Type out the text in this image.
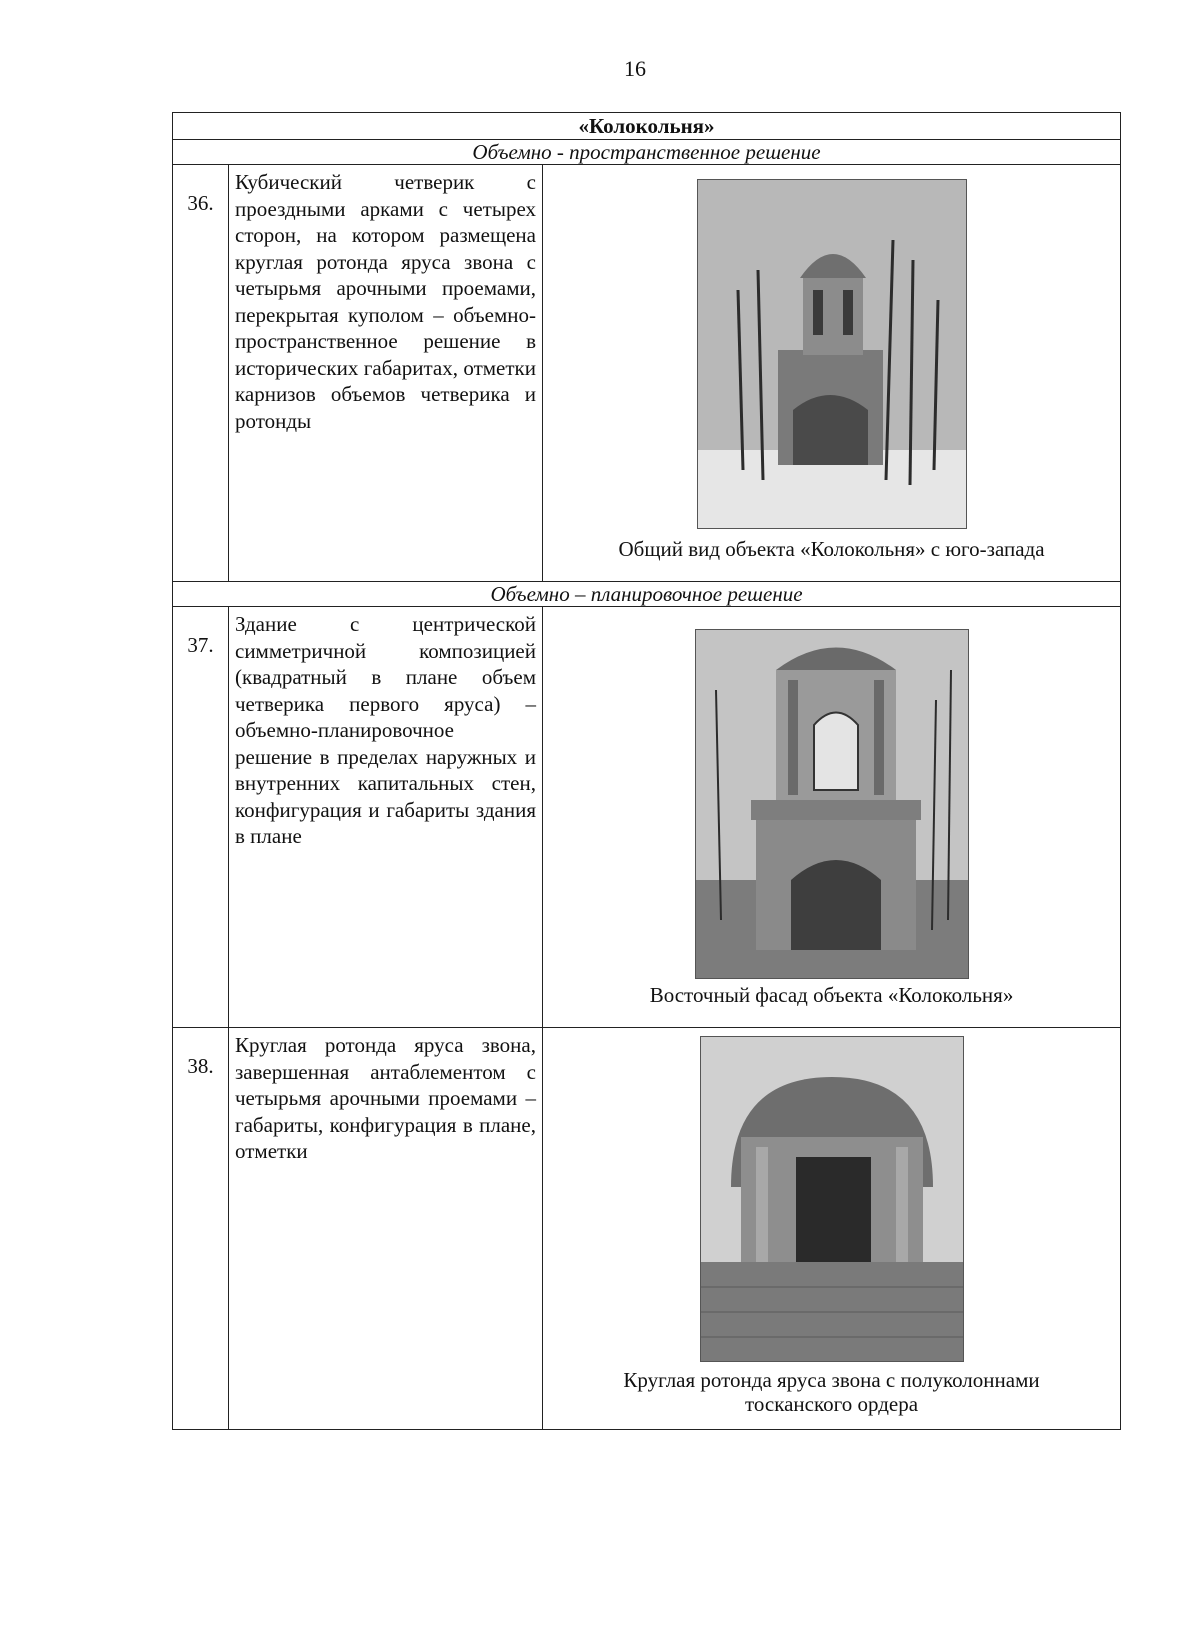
16
«Колокольня»		
Объемно - пространственное решение		
36.	Кубический четверик с проездными арками с четырех сторон, на котором размещена круглая ротонда яруса звона с четырьмя арочными проемами, перекрытая куполом – объемно-пространственное решение в исторических габаритах, отметки карнизов объемов четверика и ротонды	Общий вид объекта «Колокольня» с юго-запада

Объемно – планировочное решение		
37.	Здание с центрической симметричной композицией (квадратный в плане объем четверика первого яруса) – объемно-планировочное решение в пределах наружных и внутренних капитальных стен, конфигурация и габариты здания в плане	Восточный фасад объекта «Колокольня»

38.	Круглая ротонда яруса звона, завершенная антаблементом с четырьмя арочными проемами – габариты, конфигурация в плане, отметки	Круглая ротонда яруса звона с полуколоннами тосканского ордера
